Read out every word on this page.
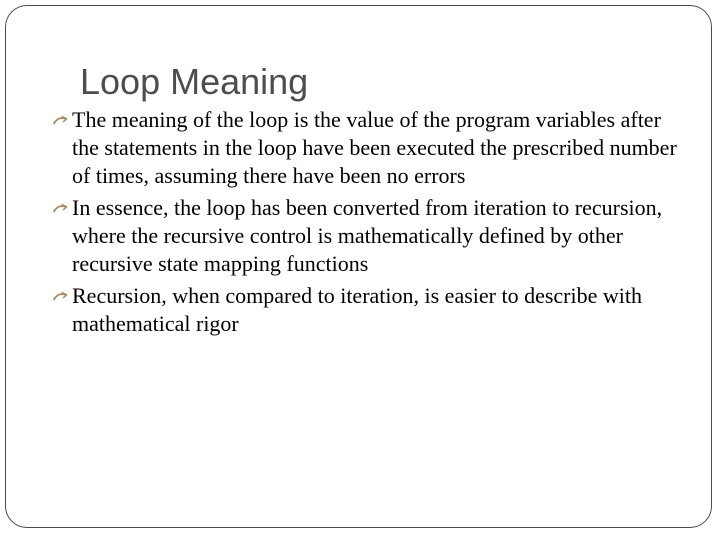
Loop Meaning
The meaning of the loop is the value of the program variables after the statements in the loop have been executed the prescribed number of times, assuming there have been no errors
In essence, the loop has been converted from iteration to recursion, where the recursive control is mathematically defined by other recursive state mapping functions
Recursion, when compared to iteration, is easier to describe with mathematical rigor
